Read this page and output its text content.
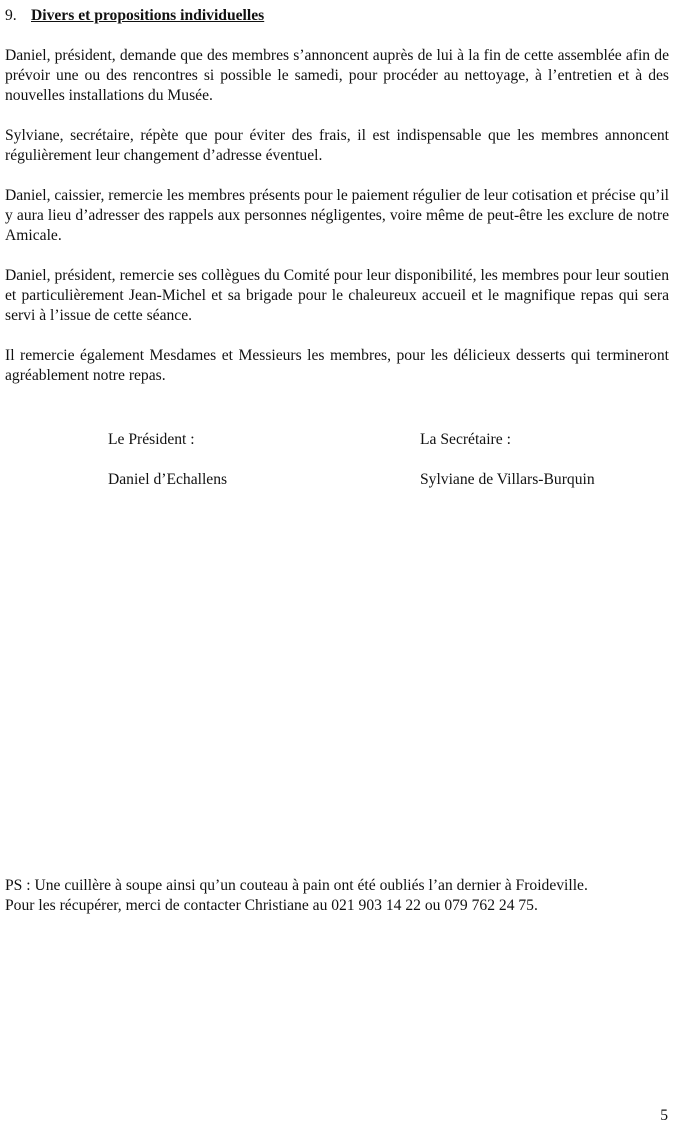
9. Divers et propositions individuelles

Daniel, président, demande que des membres s’annoncent auprès de lui à la fin de cette assemblée afin de prévoir une ou des rencontres si possible le samedi, pour procéder au nettoyage, à l’entretien et à des nouvelles installations du Musée.

Sylviane, secrétaire, répète que pour éviter des frais, il est indispensable que les membres annoncent régulièrement leur changement d’adresse éventuel.

Daniel, caissier, remercie les membres présents pour le paiement régulier de leur cotisation et précise qu’il y aura lieu d’adresser des rappels aux personnes négligentes, voire même de peut-être les exclure de notre Amicale.

Daniel, président, remercie ses collègues du Comité pour leur disponibilité, les membres pour leur soutien et particulièrement Jean-Michel et sa brigade pour le chaleureux accueil et le magnifique repas qui sera servi à l’issue de cette séance.

Il remercie également Mesdames et Messieurs les membres, pour les délicieux desserts qui termineront agréablement notre repas.

Le Président :
Daniel d’Echallens
La Secrétaire :
Sylviane de Villars-Burquin
PS : Une cuillère à soupe ainsi qu’un couteau à pain ont été oubliés l’an dernier à Froideville.
Pour les récupérer, merci de contacter Christiane au 021 903 14 22 ou 079 762 24 75.
5
